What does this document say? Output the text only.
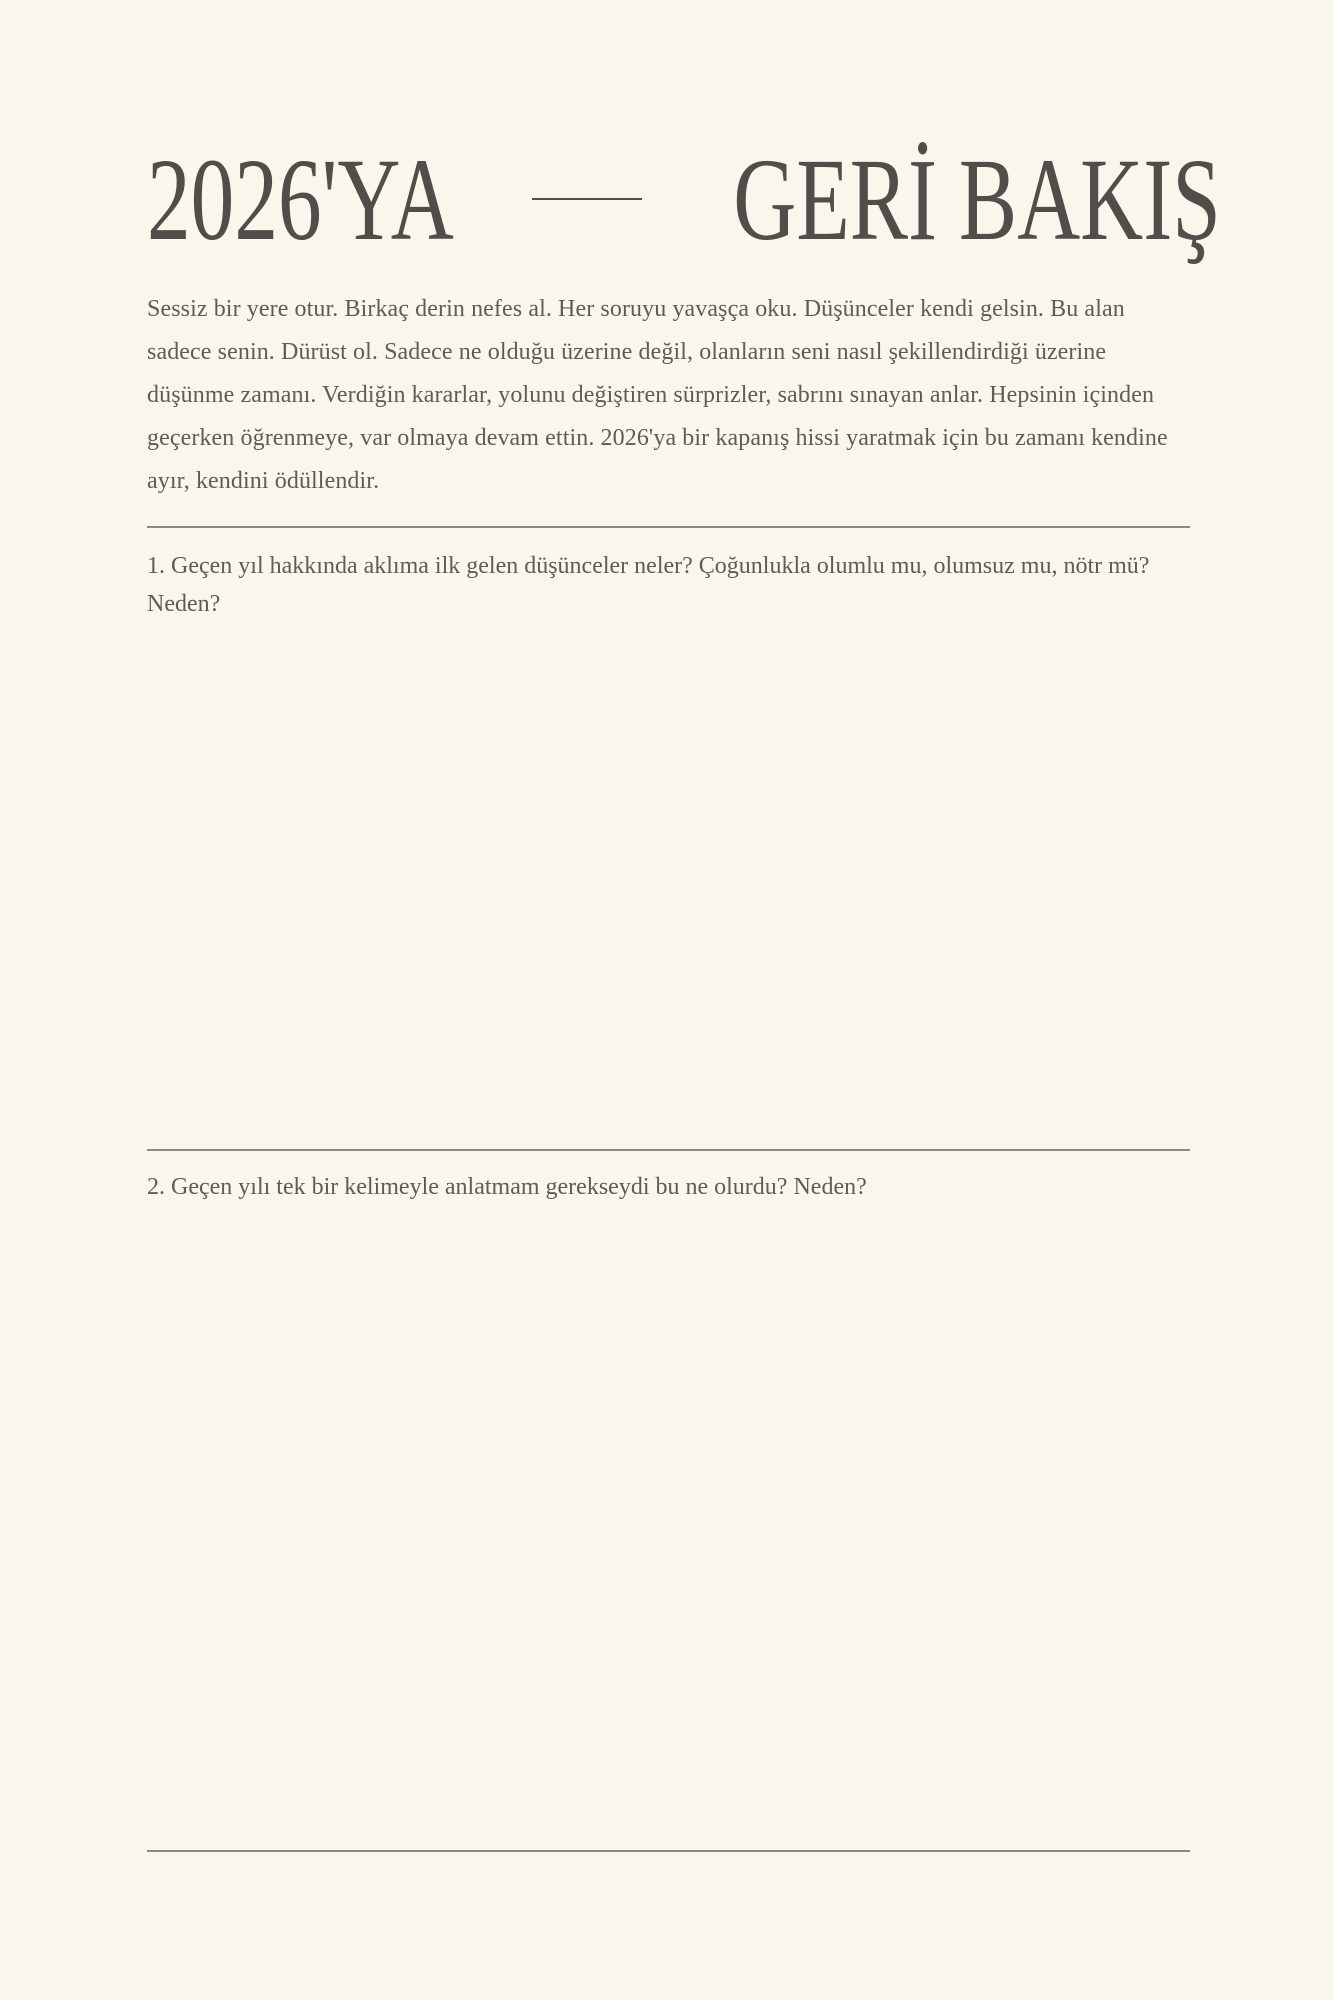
2026'YA GERİ BAKIŞ
Sessiz bir yere otur. Birkaç derin nefes al. Her soruyu yavaşça oku. Düşünceler kendi gelsin. Bu alan sadece senin. Dürüst ol. Sadece ne olduğu üzerine değil, olanların seni nasıl şekillendirdiği üzerine düşünme zamanı. Verdiğin kararlar, yolunu değiştiren sürprizler, sabrını sınayan anlar. Hepsinin içinden geçerken öğrenmeye, var olmaya devam ettin. 2026'ya bir kapanış hissi yaratmak için bu zamanı kendine ayır, kendini ödüllendir.
1. Geçen yıl hakkında aklıma ilk gelen düşünceler neler? Çoğunlukla olumlu mu, olumsuz mu, nötr mü? Neden?
2. Geçen yılı tek bir kelimeyle anlatmam gerekseydi bu ne olurdu? Neden?
